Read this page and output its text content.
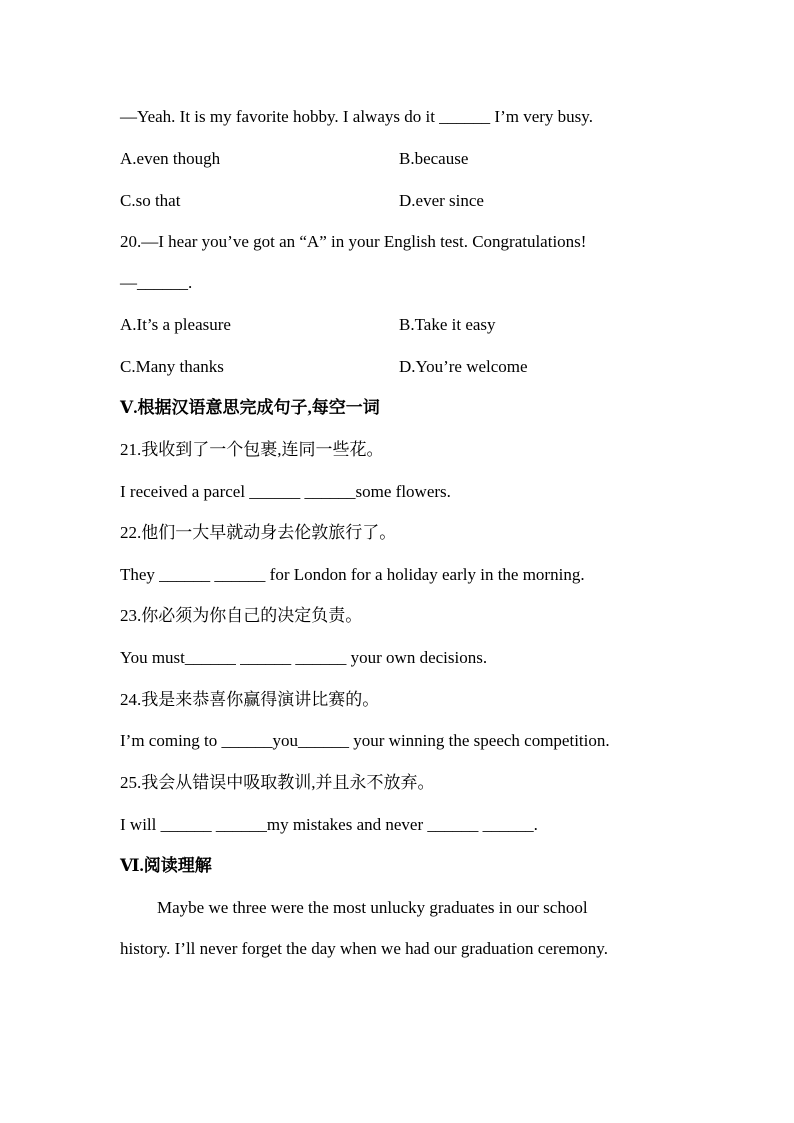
—Yeah. It is my favorite hobby. I always do it ______ I’m very busy.
A.even though	B.because
C.so that	D.ever since
20.—I hear you’ve got an “A” in your English test. Congratulations!
—______.
A.It’s a pleasure	B.Take it easy
C.Many thanks	D.You’re welcome
Ⅴ.根据汉语意思完成句子,每空一词
21.我收到了一个包裹,连同一些花。
I received a parcel ______ ______some flowers.
22.他们一大早就动身去伦敦旅行了。
They ______ ______ for London for a holiday early in the morning.
23.你必须为你自己的决定负责。
You must______ ______ ______ your own decisions.
24.我是来恭喜你赢得演讲比赛的。
I’m coming to ______you______ your winning the speech competition.
25.我会从错误中吸取教训,并且永不放弃。
I will ______ ______my mistakes and never ______ ______.
Ⅵ.阅读理解
Maybe we three were the most unlucky graduates in our school
history. I’ll never forget the day when we had our graduation ceremony.
